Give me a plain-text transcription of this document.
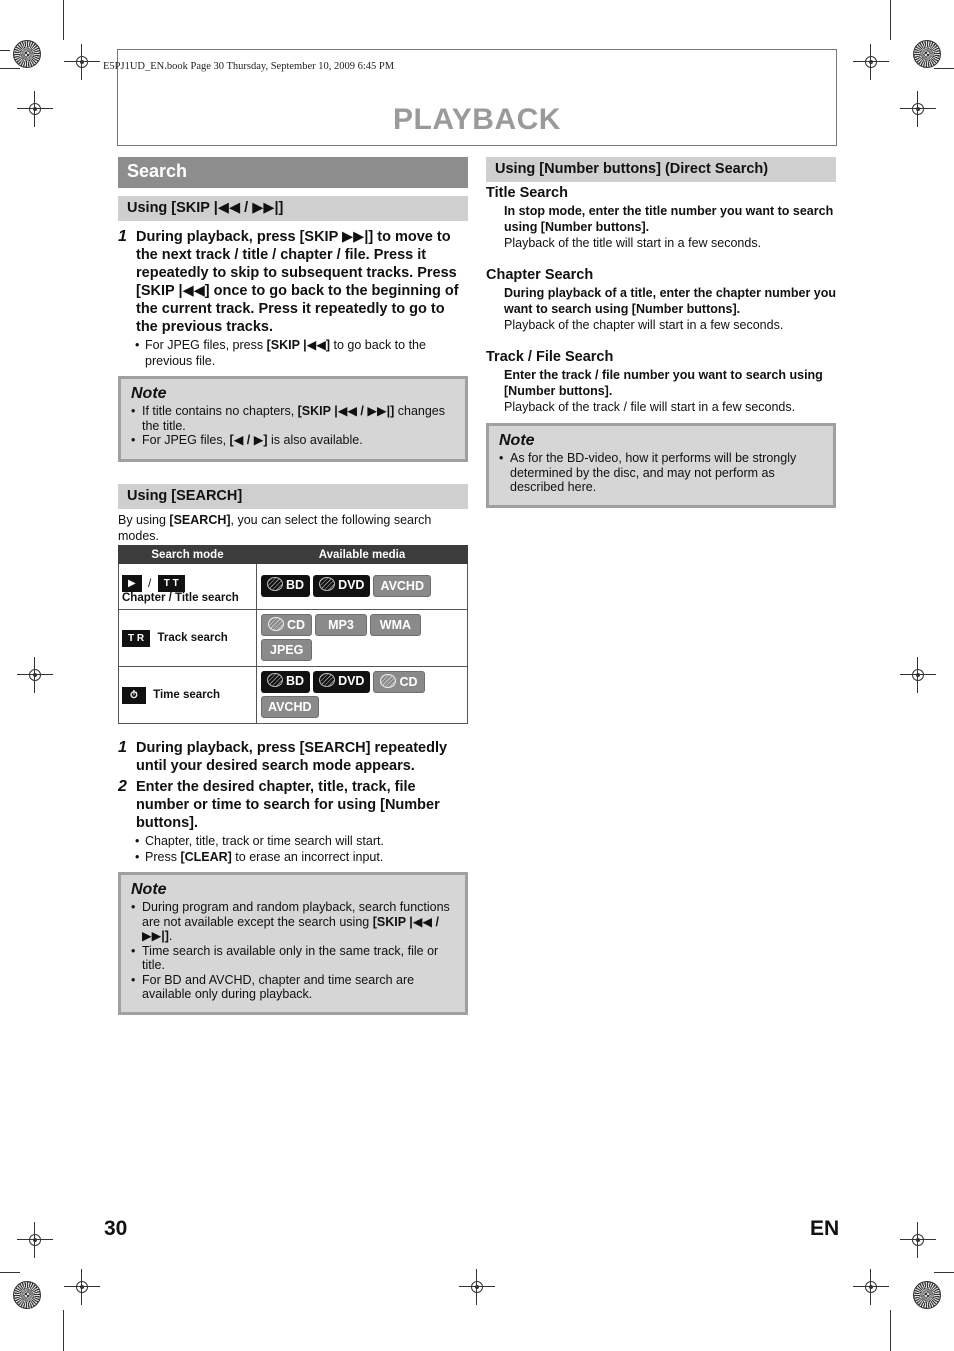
E5PJ1UD_EN.book Page 30 Thursday, September 10, 2009 6:45 PM
PLAYBACK
Search
Using [SKIP |◀◀ / ▶▶|]
1 During playback, press [SKIP ▶▶|] to move to the next track / title / chapter / file. Press it repeatedly to skip to subsequent tracks. Press [SKIP |◀◀] once to go back to the beginning of the current track. Press it repeatedly to go to the previous tracks.
• For JPEG files, press [SKIP |◀◀] to go back to the previous file.
Note
• If title contains no chapters, [SKIP |◀◀ / ▶▶|] changes the title.
• For JPEG files, [◀ / ▶] is also available.
Using [SEARCH]
By using [SEARCH], you can select the following search modes.
Search mode	Available media

▶ / T T
Chapter / Title search	BD DVD AVCHD
T R Track search	CD MP3 WMA
JPEG
⏱ Time search	BD DVD CD
AVCHD
1 During playback, press [SEARCH] repeatedly until your desired search mode appears.
2 Enter the desired chapter, title, track, file number or time to search for using [Number buttons].
• Chapter, title, track or time search will start.
• Press [CLEAR] to erase an incorrect input.
Note
• During program and random playback, search functions are not available except the search using [SKIP |◀◀ / ▶▶|].
• Time search is available only in the same track, file or title.
• For BD and AVCHD, chapter and time search are available only during playback.
Using [Number buttons] (Direct Search)
Title Search
In stop mode, enter the title number you want to search using [Number buttons].
Playback of the title will start in a few seconds.
Chapter Search
During playback of a title, enter the chapter number you want to search using [Number buttons].
Playback of the chapter will start in a few seconds.
Track / File Search
Enter the track / file number you want to search using [Number buttons].
Playback of the track / file will start in a few seconds.
Note
• As for the BD-video, how it performs will be strongly determined by the disc, and may not perform as described here.
30	EN
